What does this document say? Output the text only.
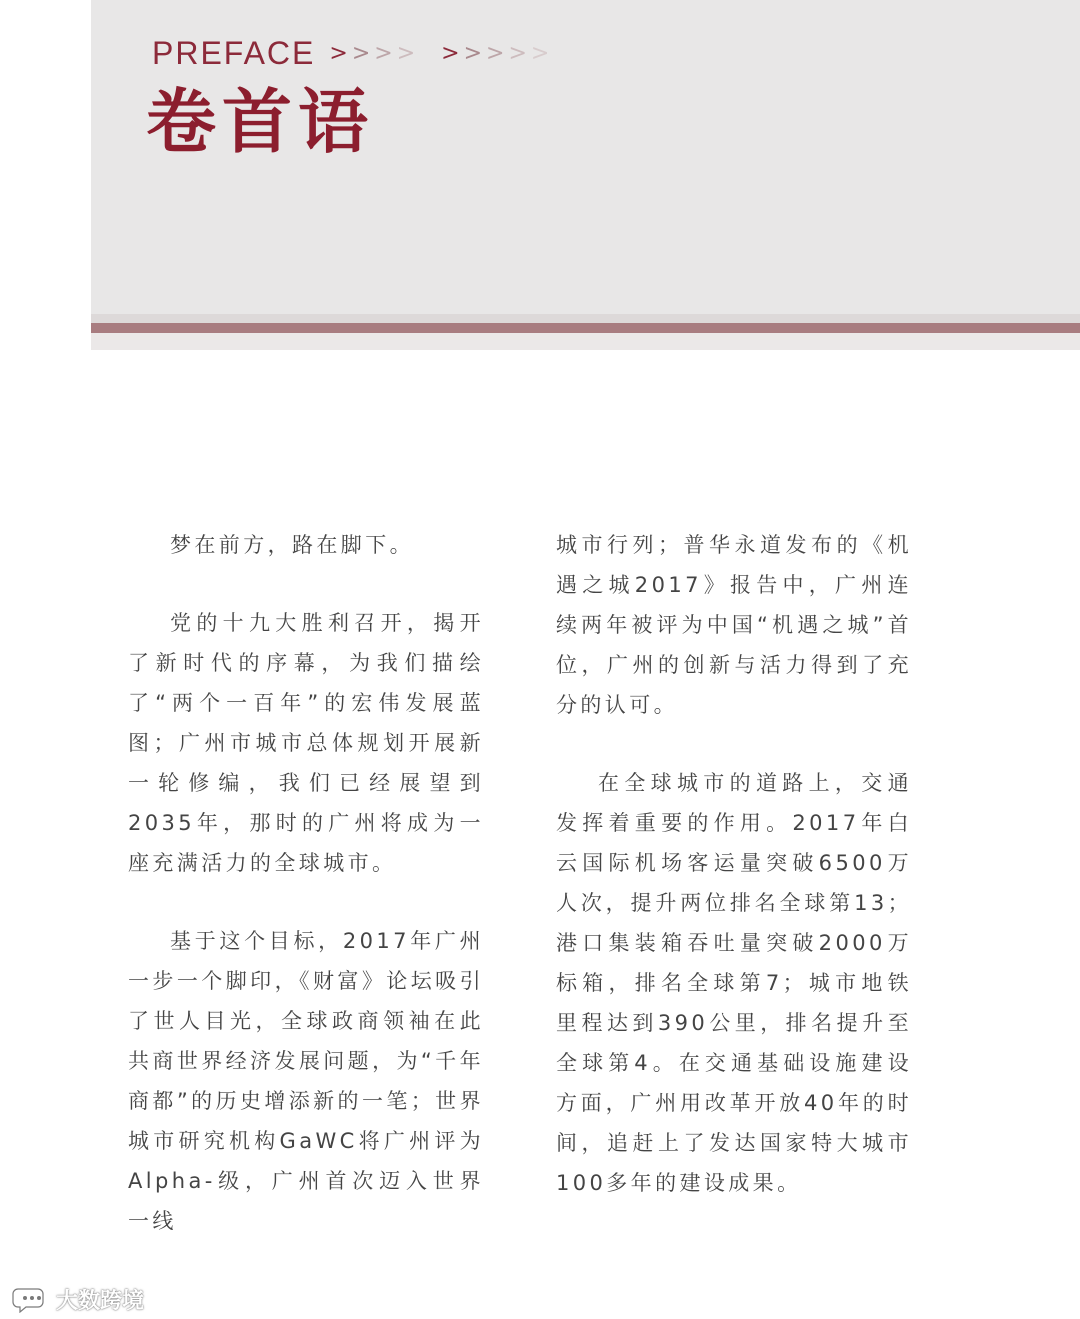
PREFACE > > > > > > > > >
卷首语

梦在前方，路在脚下。

党的十九大胜利召开，揭开了新时代的序幕，为我们描绘了“两个一百年”的宏伟发展蓝图；广州市城市总体规划开展新一轮修编，我们已经展望到2035年，那时的广州将成为一座充满活力的全球城市。

基于这个目标，2017年广州一步一个脚印，《财富》论坛吸引了世人目光，全球政商领袖在此共商世界经济发展问题，为“千年商都”的历史增添新的一笔；世界城市研究机构GaWC将广州评为Alpha-级，广州首次迈入世界一线

城市行列；普华永道发布的《机遇之城2017》报告中，广州连续两年被评为中国“机遇之城”首位，广州的创新与活力得到了充分的认可。

在全球城市的道路上，交通发挥着重要的作用。2017年白云国际机场客运量突破6500万人次，提升两位排名全球第13；港口集装箱吞吐量突破2000万标箱，排名全球第7；城市地铁里程达到390公里，排名提升至全球第4。在交通基础设施建设方面，广州用改革开放40年的时间，追赶上了发达国家特大城市100多年的建设成果。

大数跨境
